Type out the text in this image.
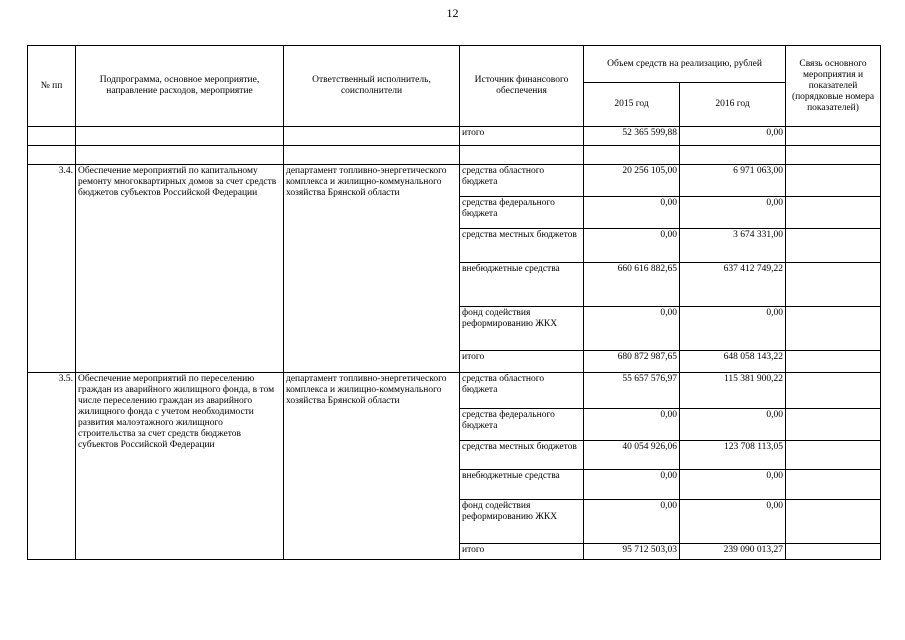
12
№ пп	Подпрограмма, основное мероприятие, направление расходов, мероприятие	Ответственный исполнитель, соисполнители	Источник финансового обеспечения	Объем средств на реализацию, рублей		Связь основного мероприятия и показателей (порядковые номера показателей)
				2015 год	2016 год	
			итого	52 365 599,88	0,00	

3.4.	Обеспечение мероприятий по капитальному ремонту многоквартирных домов за счет средств бюджетов субъектов Российской Федерации	департамент топливно-энергетического комплекса и жилищно-коммунального хозяйства Брянской области	средства областного бюджета	20 256 105,00	6 971 063,00	
			средства федерального бюджета	0,00	0,00	
			средства местных бюджетов	0,00	3 674 331,00	
			внебюджетные средства	660 616 882,65	637 412 749,22	
			фонд содействия реформированию ЖКХ	0,00	0,00	
			итого	680 872 987,65	648 058 143,22	
3.5.	Обеспечение мероприятий по переселению граждан из аварийного жилищного фонда, в том числе переселению граждан из аварийного жилищного фонда с учетом необходимости развития малоэтажного жилищного строительства за счет средств бюджетов субъектов Российской Федерации	департамент топливно-энергетического комплекса и жилищно-коммунального хозяйства Брянской области	средства областного бюджета	55 657 576,97	115 381 900,22	
			средства федерального бюджета	0,00	0,00	
			средства местных бюджетов	40 054 926,06	123 708 113,05	
			внебюджетные средства	0,00	0,00	
			фонд содействия реформированию ЖКХ	0,00	0,00	
			итого	95 712 503,03	239 090 013,27	
